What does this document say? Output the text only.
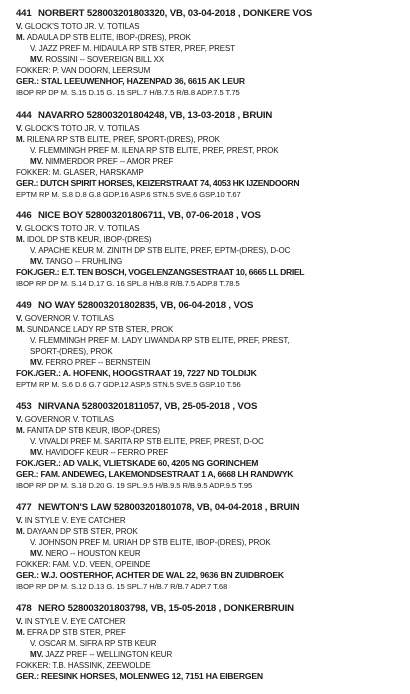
441 NORBERT 528003201803320, VB, 03-04-2018 , DONKERE VOS
V. GLOCK'S TOTO JR. V. TOTILAS
M. ADAULA DP STB ELITE, IBOP-(DRES), PROK
V. JAZZ PREF M. HIDAULA RP STB STER, PREF, PREST
MV. ROSSINI -- SOVEREIGN BILL XX
FOKKER: P. VAN DOORN, LEERSUM
GER.: STAL LEEUWENHOF, HAZENPAD 36, 6615 AK LEUR
IBOP RP DP M. S.15 D.15 G. 15 SPL.7 H/B.7.5 R/B.8 ADP.7.5 T.75
444 NAVARRO 528003201804248, VB, 13-03-2018 , BRUIN
V. GLOCK'S TOTO JR. V. TOTILAS
M. RILENA RP STB ELITE, PREF, SPORT-(DRES), PROK
V. FLEMMINGH PREF M. ILENA RP STB ELITE, PREF, PREST, PROK
MV. NIMMERDOR PREF -- AMOR PREF
FOKKER: M. GLASER, HARSKAMP
GER.: DUTCH SPIRIT HORSES, KEIZERSTRAAT 74, 4053 HK IJZENDOORN
EPTM RP M. S.8 D.8 G.8 GDP.16 ASP.6 STN.5 SVE.6 GSP.10 T.67
446 NICE BOY 528003201806711, VB, 07-06-2018 , VOS
V. GLOCK'S TOTO JR. V. TOTILAS
M. IDOL DP STB KEUR, IBOP-(DRES)
V. APACHE KEUR M. ZINITH DP STB ELITE, PREF, EPTM-(DRES), D-OC
MV. TANGO -- FRUHLING
FOK./GER.: E.T. TEN BOSCH, VOGELENZANGSESTRAAT 10, 6665 LL DRIEL
IBOP RP DP M. S.14 D.17 G. 16 SPL.8 H/B.8 R/B.7.5 ADP.8 T.78.5
449 NO WAY 528003201802835, VB, 06-04-2018 , VOS
V. GOVERNOR V. TOTILAS
M. SUNDANCE LADY RP STB STER, PROK
V. FLEMMINGH PREF M. LADY LIWANDA RP STB ELITE, PREF, PREST,
SPORT-(DRES), PROK
MV. FERRO PREF -- BERNSTEIN
FOK./GER.: A. HOFENK, HOOGSTRAAT 19, 7227 ND TOLDIJK
EPTM RP M. S.6 D.6 G.7 GDP.12 ASP.5 STN.5 SVE.5 GSP.10 T.56
453 NIRVANA 528003201811057, VB, 25-05-2018 , VOS
V. GOVERNOR V. TOTILAS
M. FANITA DP STB KEUR, IBOP-(DRES)
V. VIVALDI PREF M. SARITA RP STB ELITE, PREF, PREST, D-OC
MV. HAVIDOFF KEUR -- FERRO PREF
FOK./GER.: AD VALK, VLIETSKADE 60, 4205 NG GORINCHEM
GER.: FAM. ANDEWEG, LAKEMONDSESTRAAT 1 A, 6668 LH RANDWYK
IBOP RP DP M. S.18 D.20 G. 19 SPL.9.5 H/B.9.5 R/B.9.5 ADP.9.5 T.95
477 NEWTON'S LAW 528003201801078, VB, 04-04-2018 , BRUIN
V. IN STYLE V. EYE CATCHER
M. DAYAAN DP STB STER, PROK
V. JOHNSON PREF M. URIAH DP STB ELITE, IBOP-(DRES), PROK
MV. NERO -- HOUSTON KEUR
FOKKER: FAM. V.D. VEEN, OPEINDE
GER.: W.J. OOSTERHOF, ACHTER DE WAL 22, 9636 BN ZUIDBROEK
IBOP RP DP M. S.12 D.13 G. 15 SPL.7 H/B.7 R/B.7 ADP.7 T.68
478 NERO 528003201803798, VB, 15-05-2018 , DONKERBRUIN
V. IN STYLE V. EYE CATCHER
M. EFRA DP STB STER, PREF
V. OSCAR M. SIFRA RP STB KEUR
MV. JAZZ PREF -- WELLINGTON KEUR
FOKKER: T.B. HASSINK, ZEEWOLDE
GER.: REESINK HORSES, MOLENWEG 12, 7151 HA EIBERGEN
